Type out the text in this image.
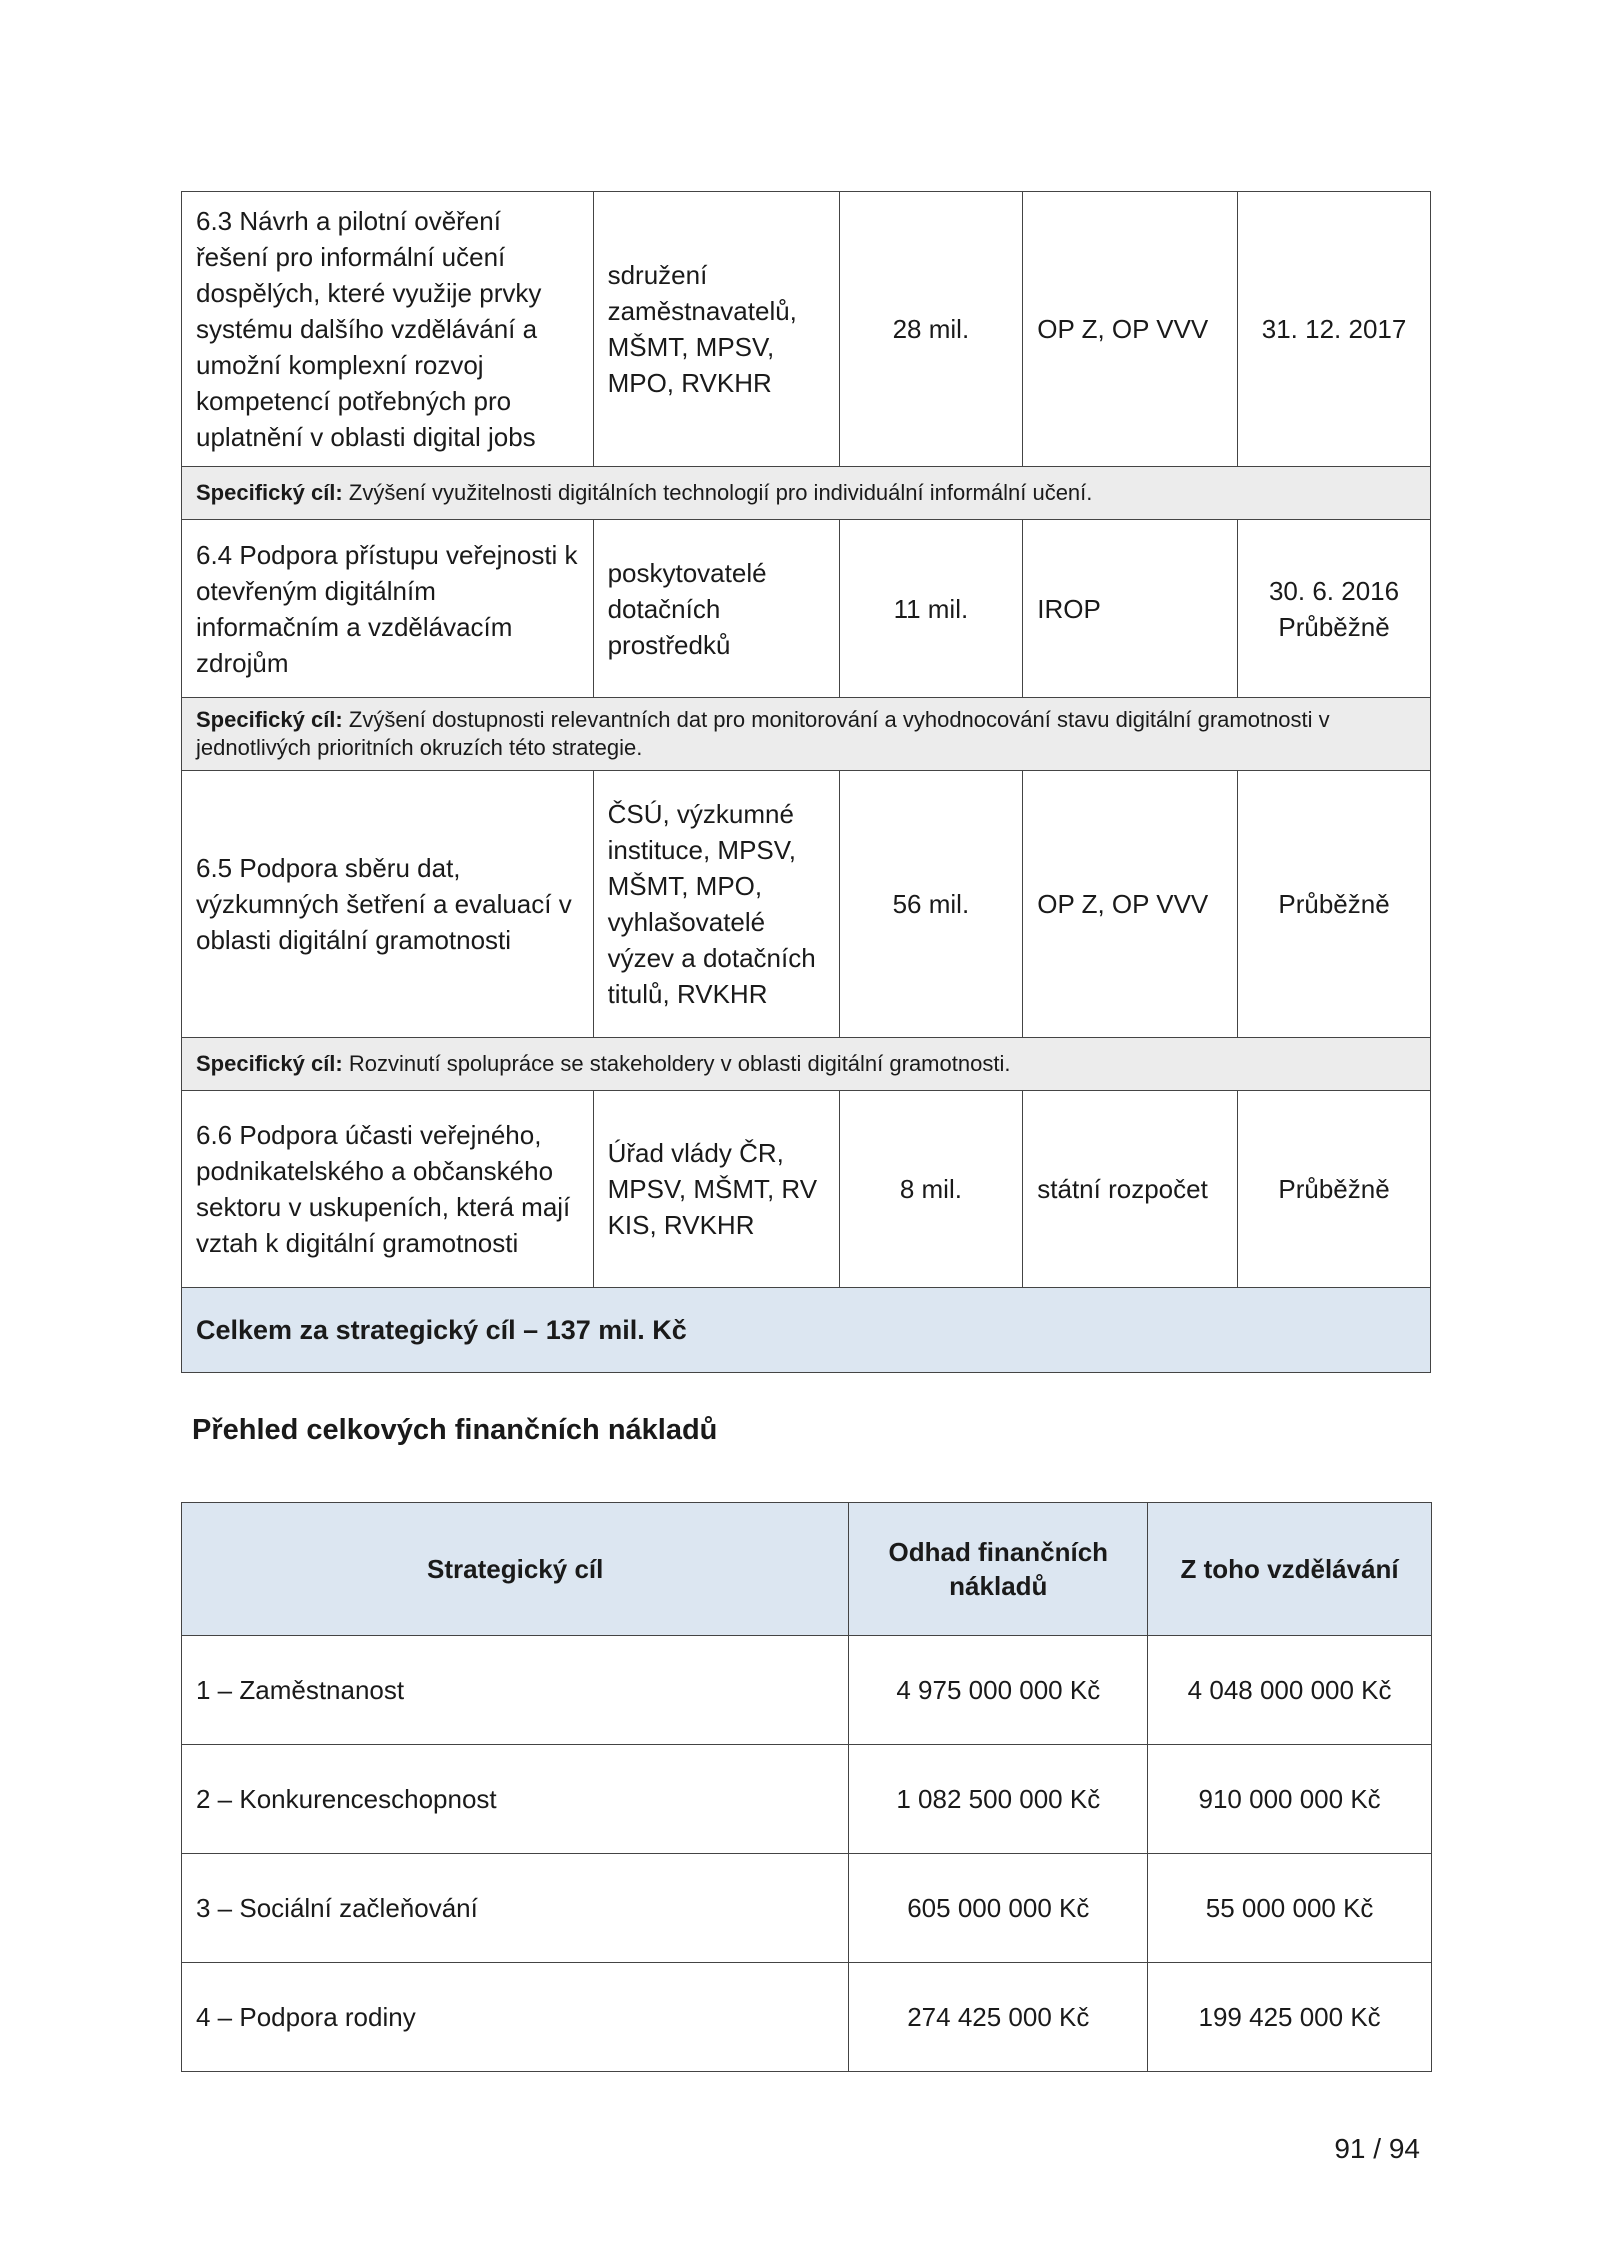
6.3 Návrh a pilotní ověření řešení pro informální učení dospělých, které využije prvky systému dalšího vzdělávání a umožní komplexní rozvoj kompetencí potřebných pro uplatnění v oblasti digital jobs	sdružení zaměstnavatelů, MŠMT, MPSV, MPO, RVKHR	28 mil.	OP Z, OP VVV	31. 12. 2017
Specifický cíl: Zvýšení využitelnosti digitálních technologií pro individuální informální učení.				
6.4 Podpora přístupu veřejnosti k otevřeným digitálním informačním a vzdělávacím zdrojům	poskytovatelé dotačních prostředků	11 mil.	IROP	30. 6. 2016 Průběžně
Specifický cíl: Zvýšení dostupnosti relevantních dat pro monitorování a vyhodnocování stavu digitální gramotnosti v jednotlivých prioritních okruzích této strategie.				
6.5 Podpora sběru dat, výzkumných šetření a evaluací v oblasti digitální gramotnosti	ČSÚ, výzkumné instituce, MPSV, MŠMT, MPO, vyhlašovatelé výzev a dotačních titulů, RVKHR	56 mil.	OP Z, OP VVV	Průběžně
Specifický cíl: Rozvinutí spolupráce se stakeholdery v oblasti digitální gramotnosti.				
6.6 Podpora účasti veřejného, podnikatelského a občanského sektoru v uskupeních, která mají vztah k digitální gramotnosti	Úřad vlády ČR, MPSV, MŠMT, RV KIS, RVKHR	8 mil.	státní rozpočet	Průběžně
Celkem za strategický cíl – 137 mil. Kč				
Přehled celkových finančních nákladů
Strategický cíl	Odhad finančních nákladů	Z toho vzdělávání
1 – Zaměstnanost	4 975 000 000 Kč	4 048 000 000 Kč
2 – Konkurenceschopnost	1 082 500 000 Kč	910 000 000 Kč
3 – Sociální začleňování	605 000 000 Kč	55 000 000 Kč
4 – Podpora rodiny	274 425 000 Kč	199 425 000 Kč
91 / 94
